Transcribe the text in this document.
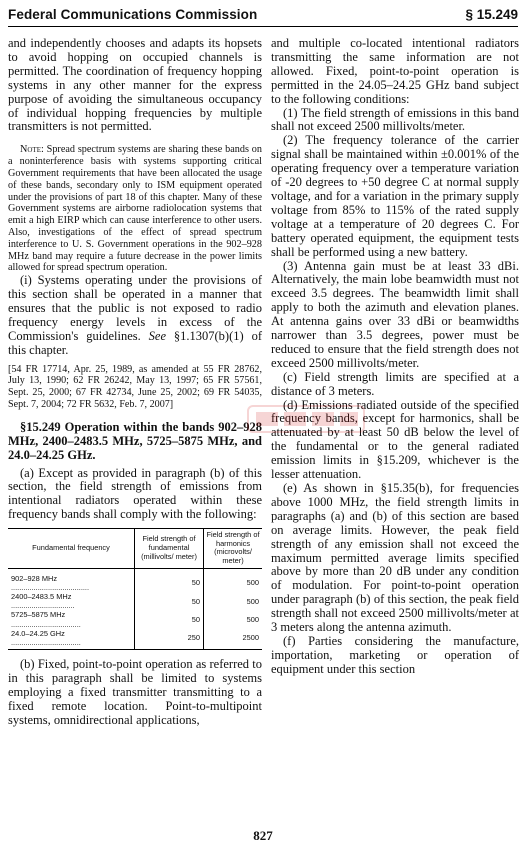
Federal Communications Commission	§ 15.249

and independently chooses and adapts its hopsets to avoid hopping on occupied channels is permitted. The coordination of frequency hopping systems in any other manner for the express purpose of avoiding the simultaneous occupancy of individual hopping frequencies by multiple transmitters is not permitted.

Note: Spread spectrum systems are sharing these bands on a noninterference basis with systems supporting critical Government requirements that have been allocated the usage of these bands, secondary only to ISM equipment operated under the provisions of part 18 of this chapter. Many of these Government systems are airborne radiolocation systems that emit a high EIRP which can cause interference to other users. Also, investigations of the effect of spread spectrum interference to U. S. Government operations in the 902–928 MHz band may require a future decrease in the power limits allowed for spread spectrum operation.

(i) Systems operating under the provisions of this section shall be operated in a manner that ensures that the public is not exposed to radio frequency energy levels in excess of the Commission's guidelines. See §1.1307(b)(1) of this chapter.

[54 FR 17714, Apr. 25, 1989, as amended at 55 FR 28762, July 13, 1990; 62 FR 26242, May 13, 1997; 65 FR 57561, Sept. 25, 2000; 67 FR 42734, June 25, 2002; 69 FR 54035, Sept. 7, 2004; 72 FR 5632, Feb. 7, 2007]

§15.249 Operation within the bands 902–928 MHz, 2400–2483.5 MHz, 5725–5875 MHz, and 24.0–24.25 GHz.

(a) Except as provided in paragraph (b) of this section, the field strength of emissions from intentional radiators operated within these frequency bands shall comply with the following:

Fundamental frequency	Field strength of fundamental (millivolts/ meter)	Field strength of harmonics (microvolts/ meter)
902–928 MHz ......................................	50	500
2400–2483.5 MHz ...............................	50	500
5725–5875 MHz ..................................	50	500
24.0–24.25 GHz ..................................	250	2500

(b) Fixed, point-to-point operation as referred to in this paragraph shall be limited to systems employing a fixed transmitter transmitting to a fixed remote location. Point-to-multipoint systems, omnidirectional applications,

and multiple co-located intentional radiators transmitting the same information are not allowed. Fixed, point-to-point operation is permitted in the 24.05–24.25 GHz band subject to the following conditions:

(1) The field strength of emissions in this band shall not exceed 2500 millivolts/meter.

(2) The frequency tolerance of the carrier signal shall be maintained within ±0.001% of the operating frequency over a temperature variation of -20 degrees to +50 degree C at normal supply voltage, and for a variation in the primary supply voltage from 85% to 115% of the rated supply voltage at a temperature of 20 degrees C. For battery operated equipment, the equipment tests shall be performed using a new battery.

(3) Antenna gain must be at least 33 dBi. Alternatively, the main lobe beamwidth must not exceed 3.5 degrees. The beamwidth limit shall apply to both the azimuth and elevation planes. At antenna gains over 33 dBi or beamwidths narrower than 3.5 degrees, power must be reduced to ensure that the field strength does not exceed 2500 millivolts/meter.

(c) Field strength limits are specified at a distance of 3 meters.

(d) Emissions radiated outside of the specified frequency bands, except for harmonics, shall be attenuated by at least 50 dB below the level of the fundamental or to the general radiated emission limits in §15.209, whichever is the lesser attenuation.

(e) As shown in §15.35(b), for frequencies above 1000 MHz, the field strength limits in paragraphs (a) and (b) of this section are based on average limits. However, the peak field strength of any emission shall not exceed the maximum permitted average limits specified above by more than 20 dB under any condition of modulation. For point-to-point operation under paragraph (b) of this section, the peak field strength shall not exceed 2500 millivolts/meter at 3 meters along the antenna azimuth.

(f) Parties considering the manufacture, importation, marketing or operation of equipment under this section

827
